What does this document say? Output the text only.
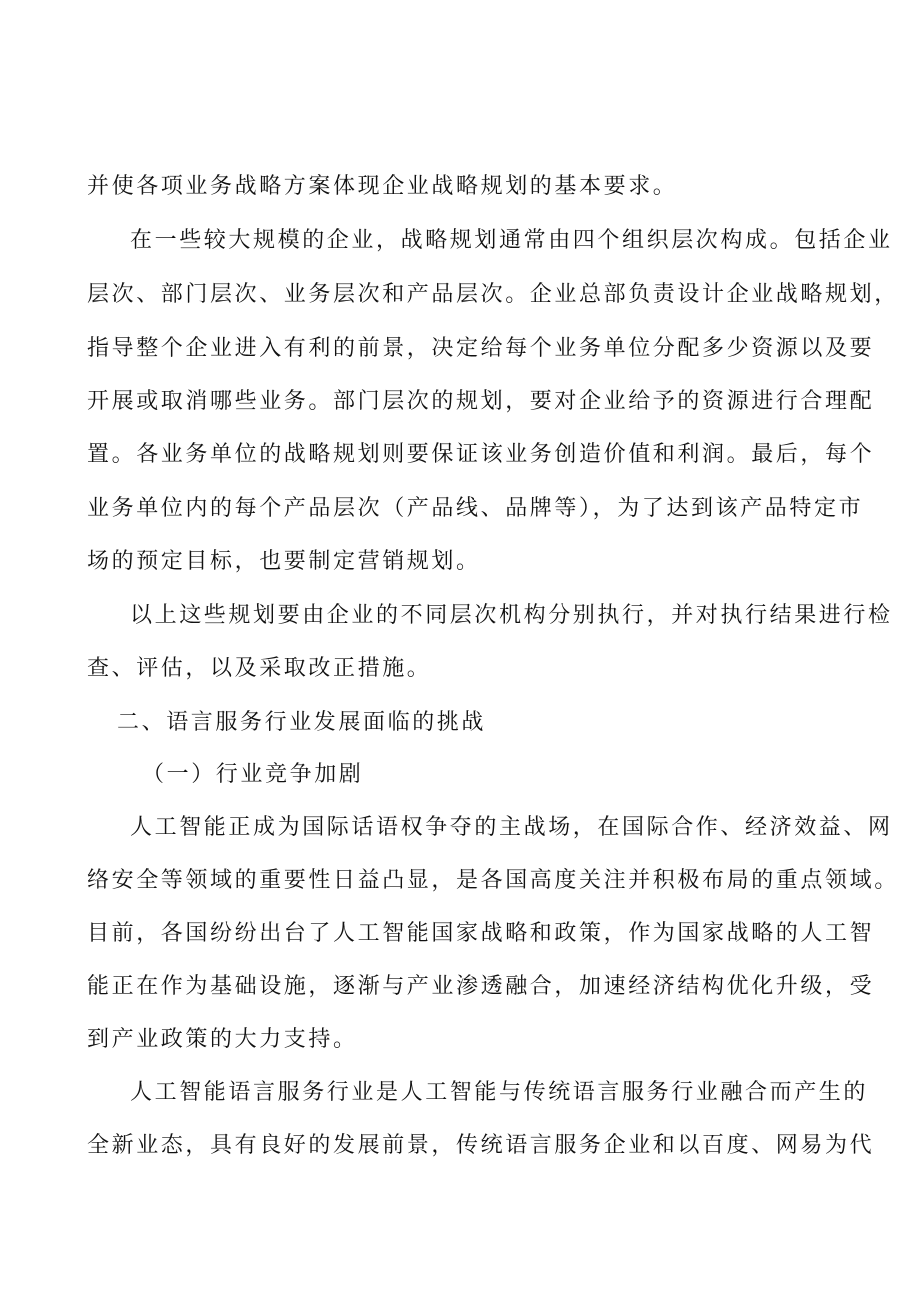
并使各项业务战略方案体现企业战略规划的基本要求。
在一些较大规模的企业，战略规划通常由四个组织层次构成。包括企业
层次、部门层次、业务层次和产品层次。企业总部负责设计企业战略规划，
指导整个企业进入有利的前景，决定给每个业务单位分配多少资源以及要
开展或取消哪些业务。部门层次的规划，要对企业给予的资源进行合理配
置。各业务单位的战略规划则要保证该业务创造价值和利润。最后，每个
业务单位内的每个产品层次（产品线、品牌等），为了达到该产品特定市
场的预定目标，也要制定营销规划。
以上这些规划要由企业的不同层次机构分别执行，并对执行结果进行检
查、评估，以及采取改正措施。
二、语言服务行业发展面临的挑战
（一）行业竞争加剧
人工智能正成为国际话语权争夺的主战场，在国际合作、经济效益、网
络安全等领域的重要性日益凸显，是各国高度关注并积极布局的重点领域。
目前，各国纷纷出台了人工智能国家战略和政策，作为国家战略的人工智
能正在作为基础设施，逐渐与产业渗透融合，加速经济结构优化升级，受
到产业政策的大力支持。
人工智能语言服务行业是人工智能与传统语言服务行业融合而产生的
全新业态，具有良好的发展前景，传统语言服务企业和以百度、网易为代
